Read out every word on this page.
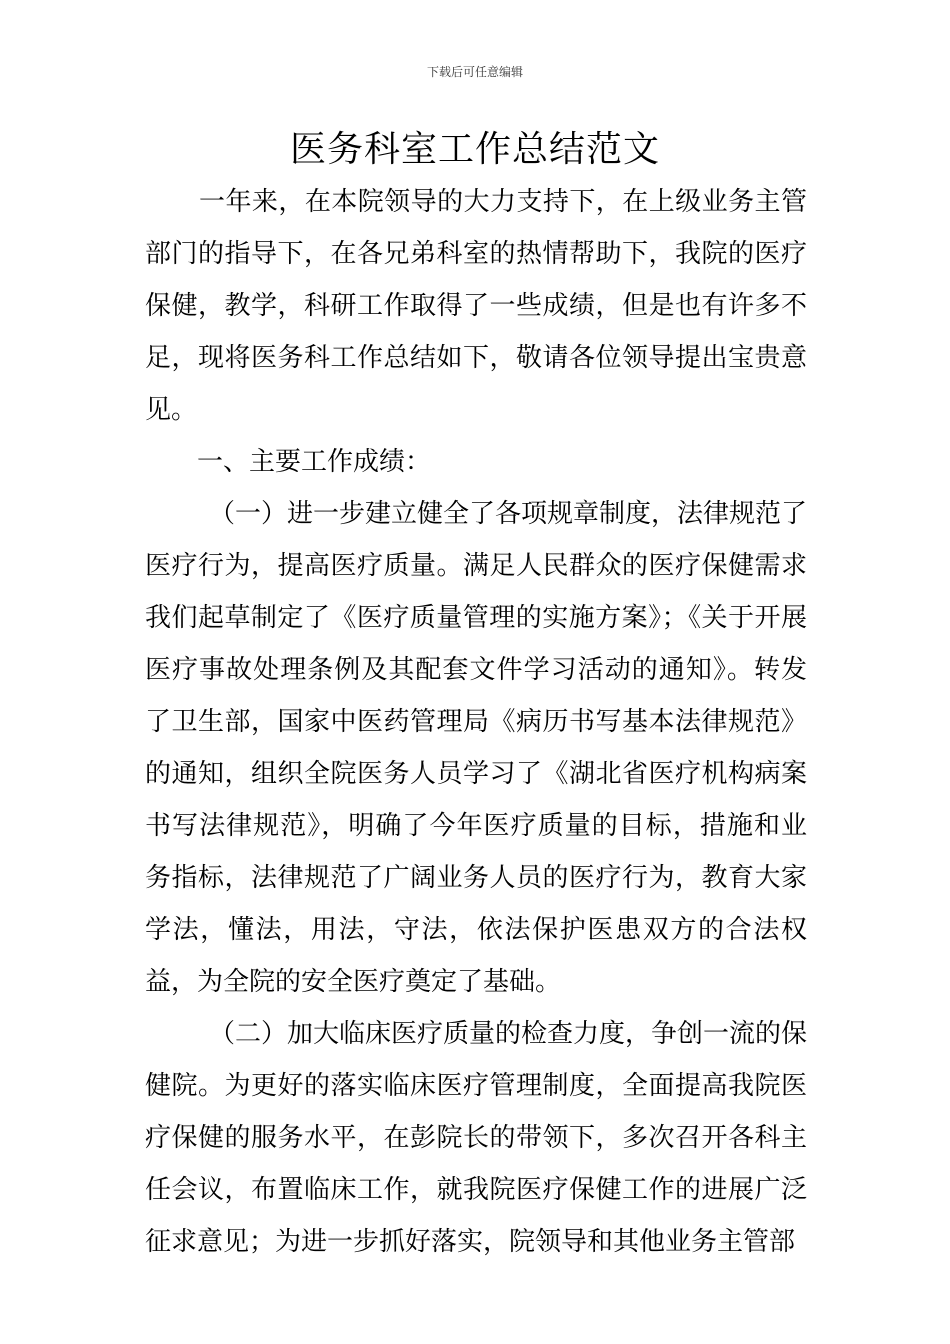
下载后可任意编辑
医务科室工作总结范文

一年来，在本院领导的大力支持下，在上级业务主管部门的指导下，在各兄弟科室的热情帮助下，我院的医疗保健，教学，科研工作取得了一些成绩，但是也有许多不足，现将医务科工作总结如下，敬请各位领导提出宝贵意见。

一、主要工作成绩：

（一）进一步建立健全了各项规章制度，法律规范了医疗行为，提高医疗质量。满足人民群众的医疗保健需求我们起草制定了《医疗质量管理的实施方案》；《关于开展医疗事故处理条例及其配套文件学习活动的通知》。转发了卫生部，国家中医药管理局《病历书写基本法律规范》的通知，组织全院医务人员学习了《湖北省医疗机构病案书写法律规范》，明确了今年医疗质量的目标，措施和业务指标，法律规范了广阔业务人员的医疗行为，教育大家学法，懂法，用法，守法，依法保护医患双方的合法权益，为全院的安全医疗奠定了基础。

（二）加大临床医疗质量的检查力度，争创一流的保健院。为更好的落实临床医疗管理制度，全面提高我院医疗保健的服务水平，在彭院长的带领下，多次召开各科主任会议，布置临床工作，就我院医疗保健工作的进展广泛征求意见；为进一步抓好落实，院领导和其他业务主管部
